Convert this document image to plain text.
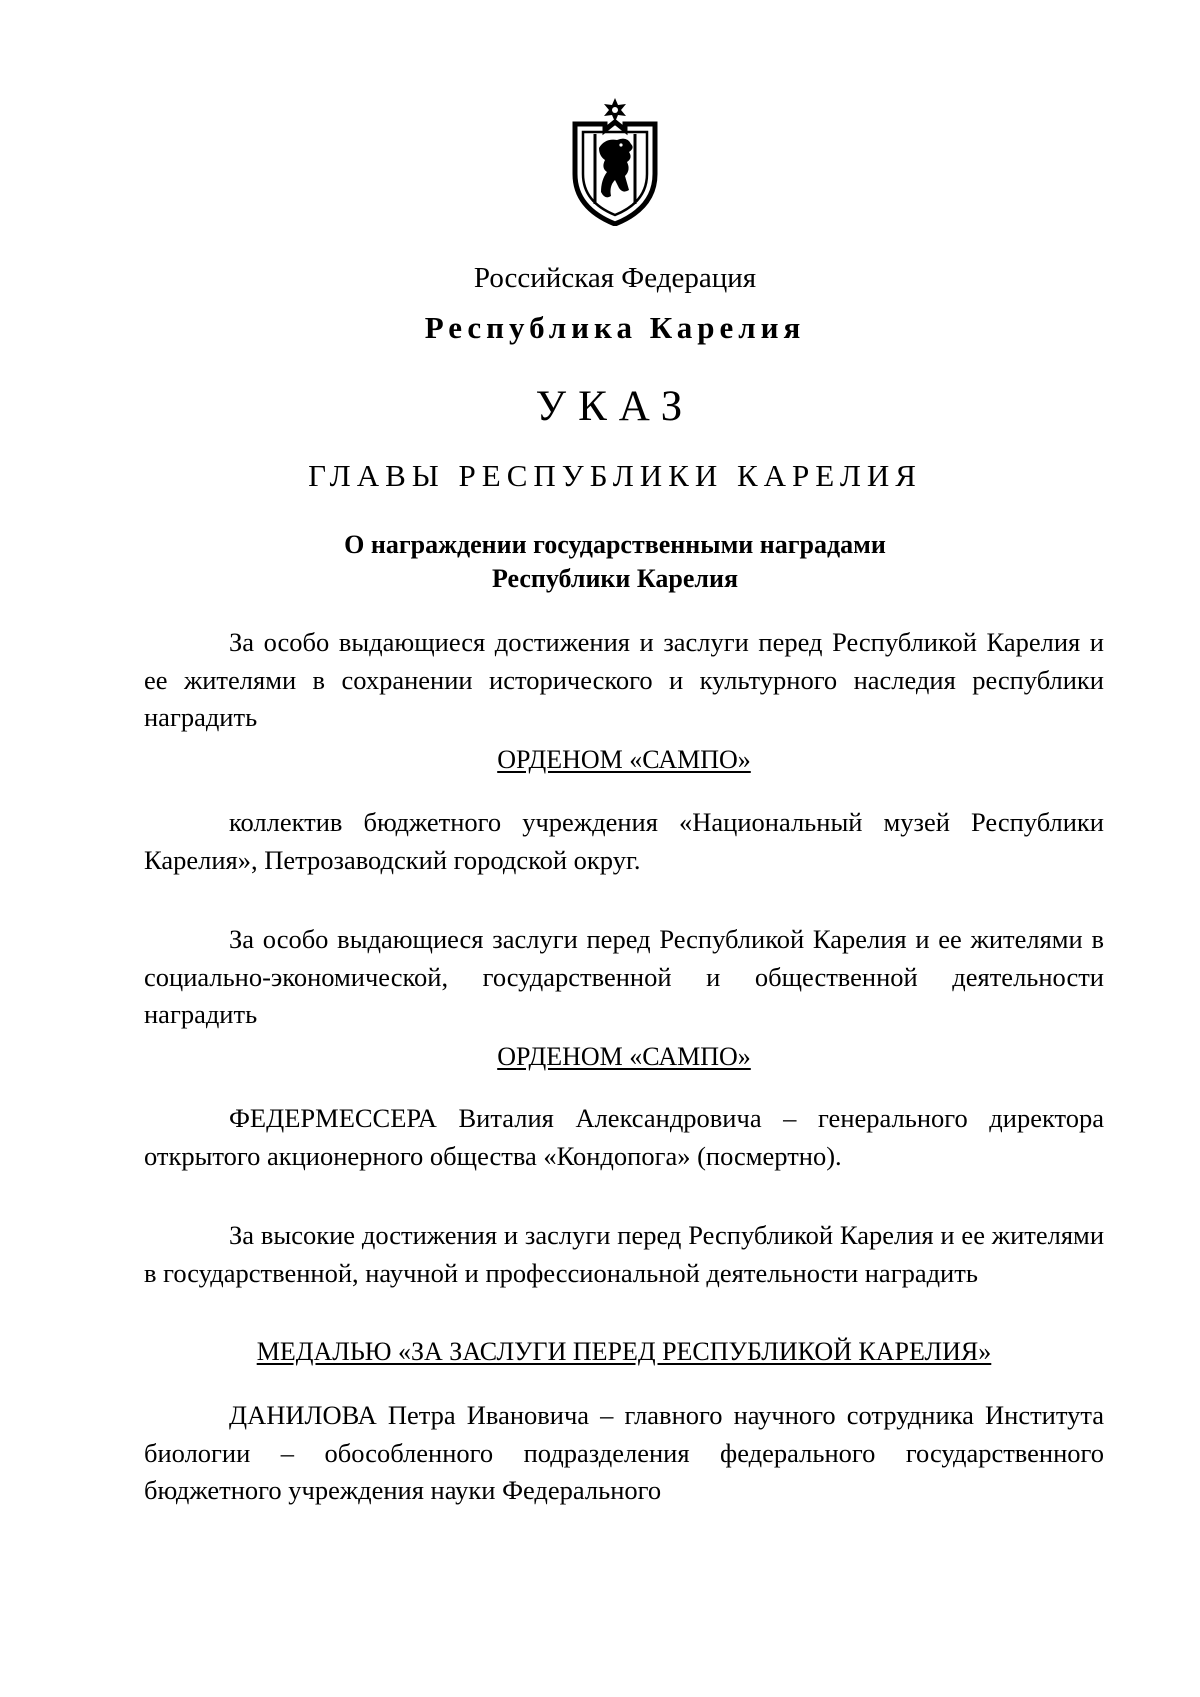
Российская Федерация
Республика Карелия
УКАЗ
ГЛАВЫ РЕСПУБЛИКИ КАРЕЛИЯ
О награждении государственными наградами
Республики Карелия

За особо выдающиеся достижения и заслуги перед Республикой Карелия и ее жителями в сохранении исторического и культурного наследия республики наградить

ОРДЕНОМ «САМПО»

коллектив бюджетного учреждения «Национальный музей Республики Карелия», Петрозаводский городской округ.

За особо выдающиеся заслуги перед Республикой Карелия и ее жителями в социально-экономической, государственной и общественной деятельности наградить

ОРДЕНОМ «САМПО»

ФЕДЕРМЕССЕРА Виталия Александровича – генерального директора открытого акционерного общества «Кондопога» (посмертно).

За высокие достижения и заслуги перед Республикой Карелия и ее жителями в государственной, научной и профессиональной деятельности наградить

МЕДАЛЬЮ «ЗА ЗАСЛУГИ ПЕРЕД РЕСПУБЛИКОЙ КАРЕЛИЯ»

ДАНИЛОВА Петра Ивановича – главного научного сотрудника Института биологии – обособленного подразделения федерального государственного бюджетного учреждения науки Федерального
